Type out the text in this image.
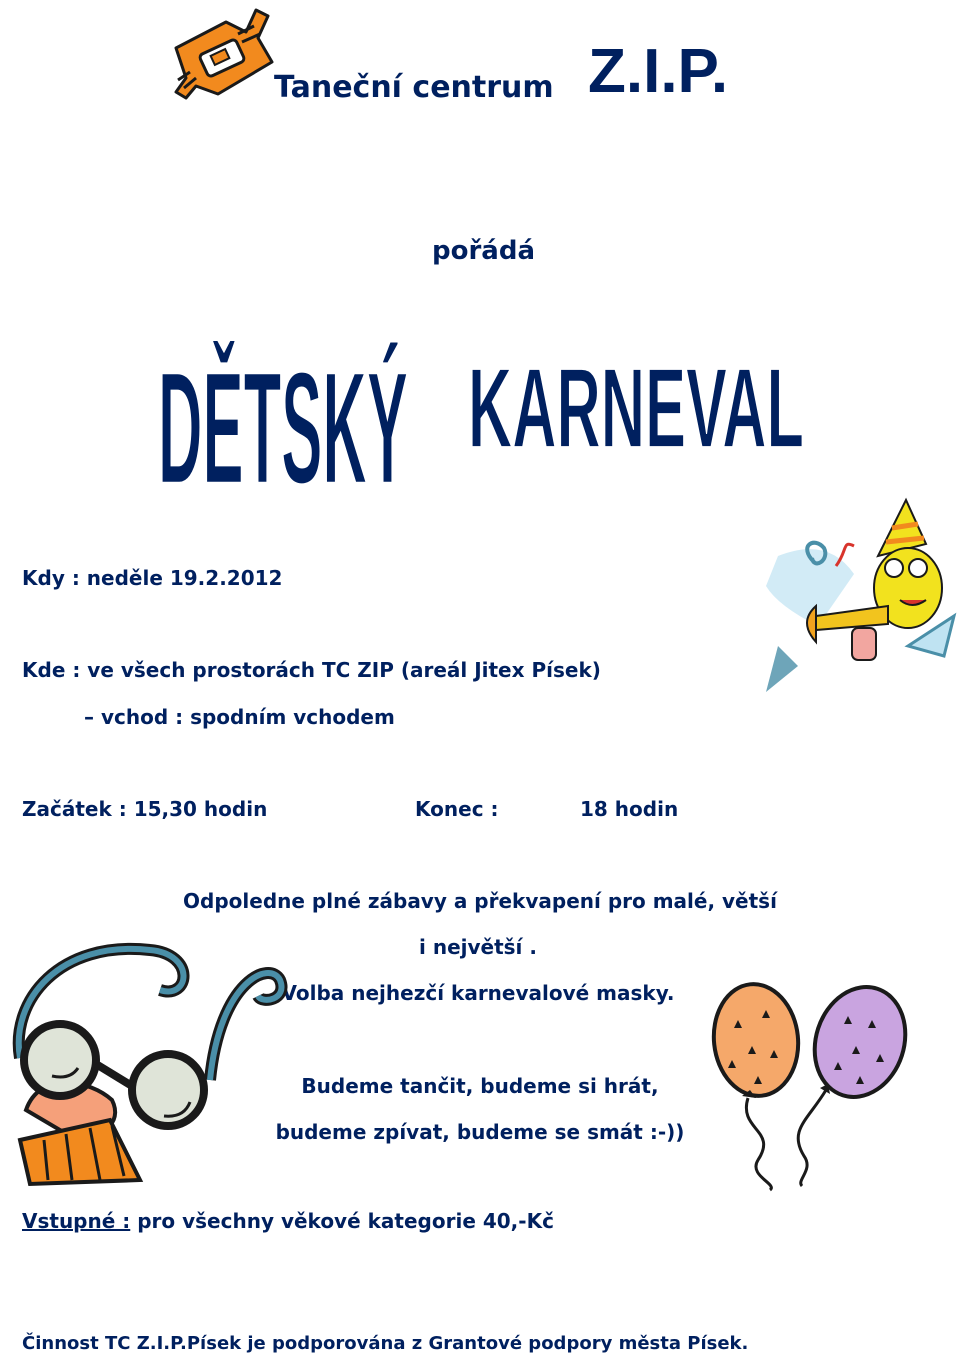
Taneční centrum Z.I.P.
pořádá
DĚTSKÝ KARNEVAL
Kdy : neděle 19.2.2012
Kde : ve všech prostorách TC ZIP (areál Jitex Písek)
– vchod : spodním vchodem
Začátek : 15,30 hodin	Konec :	18 hodin
Odpoledne plné zábavy a překvapení pro malé, větší
i největší .
Volba nejhezčí karnevalové masky.
Budeme tančit, budeme si hrát,
budeme zpívat, budeme se smát :-))
Vstupné : pro všechny věkové kategorie 40,-Kč
Činnost TC Z.I.P.Písek je podporována z Grantové podpory města Písek.
